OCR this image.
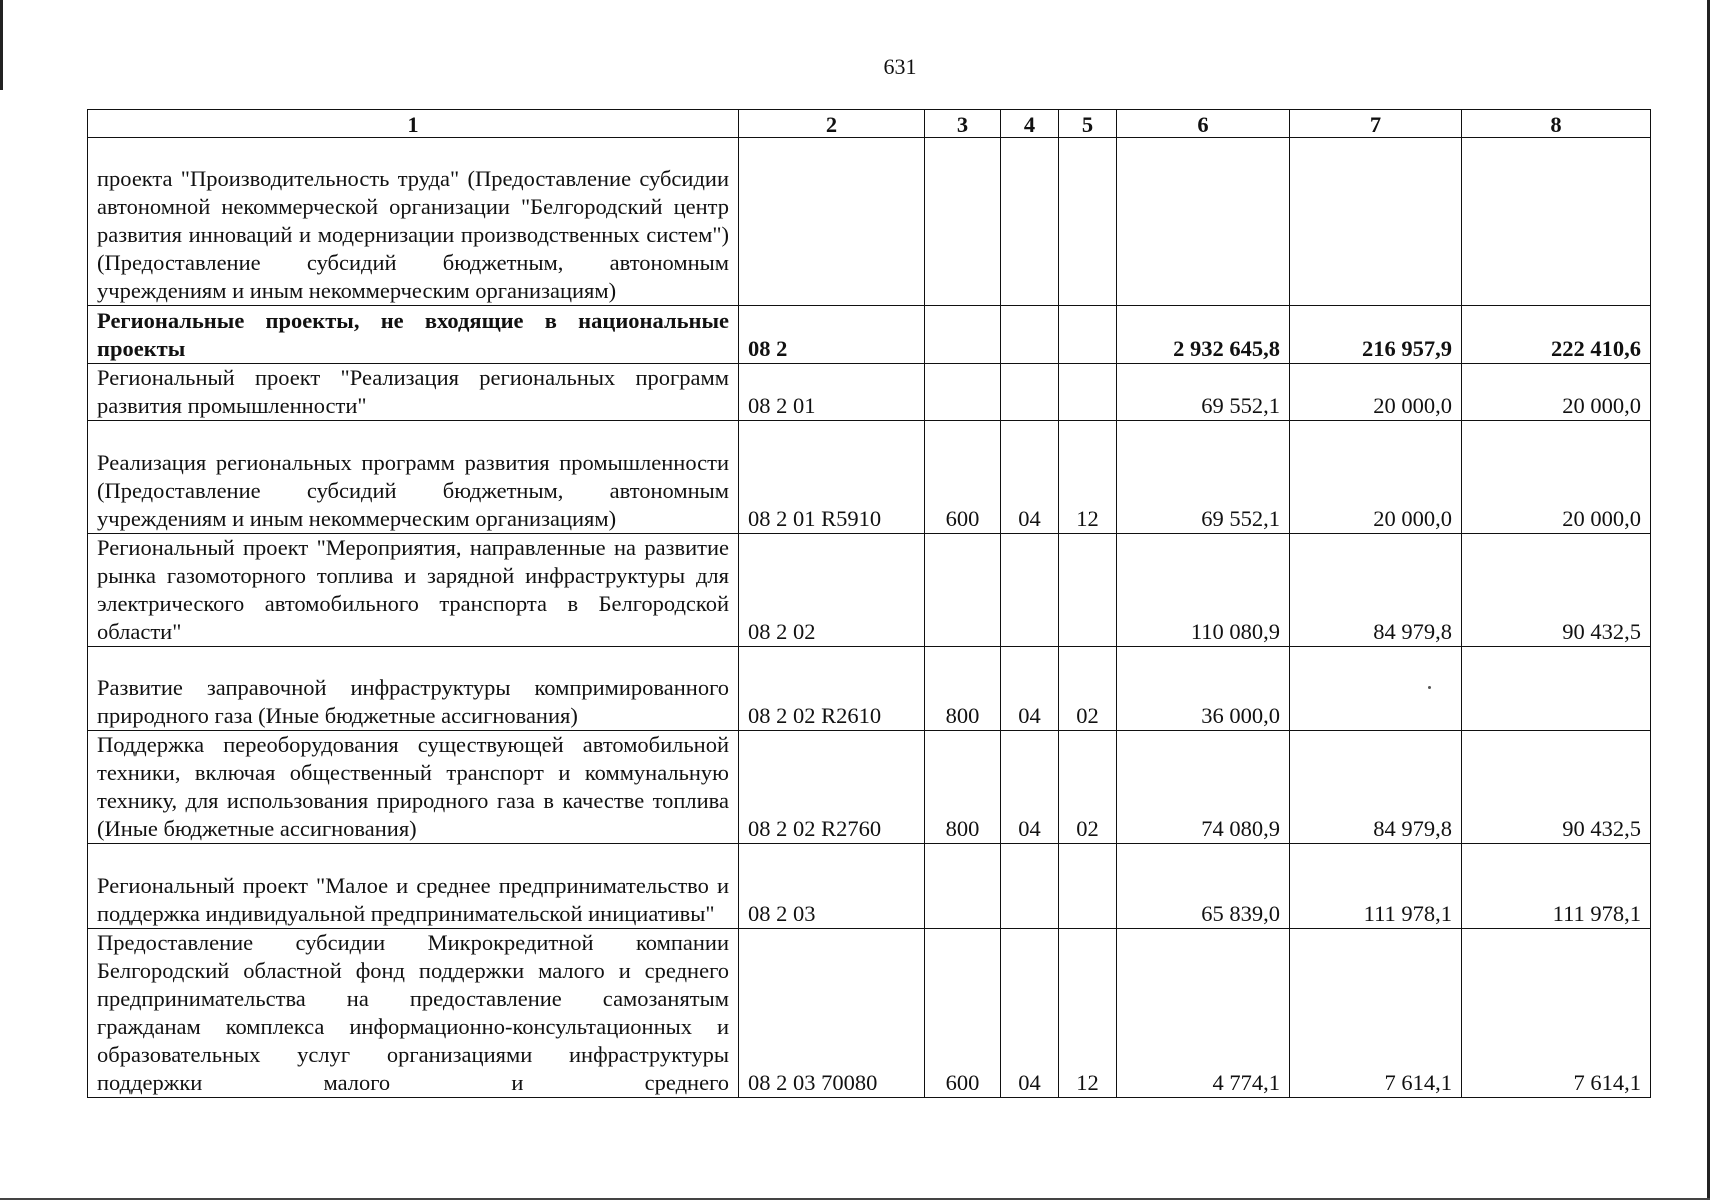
631
1	2	3	4	5	6	7	8
проекта "Производительность труда" (Предоставление субсидии автономной некоммерческой организации "Белгородский центр развития инноваций и модернизации производственных систем") (Предоставление субсидий бюджетным, автономным учреждениям и иным некоммерческим организациям)							
Региональные проекты, не входящие в национальные проекты	08 2				2 932 645,8	216 957,9	222 410,6
Региональный проект "Реализация региональных программ развития промышленности"	08 2 01				69 552,1	20 000,0	20 000,0
Реализация региональных программ развития промышленности (Предоставление субсидий бюджетным, автономным учреждениям и иным некоммерческим организациям)	08 2 01 R5910	600	04	12	69 552,1	20 000,0	20 000,0
Региональный проект "Мероприятия, направленные на развитие рынка газомоторного топлива и зарядной инфраструктуры для электрического автомобильного транспорта в Белгородской области"	08 2 02				110 080,9	84 979,8	90 432,5
Развитие заправочной инфраструктуры компримированного природного газа (Иные бюджетные ассигнования)	08 2 02 R2610	800	04	02	36 000,0		
Поддержка переоборудования существующей автомобильной техники, включая общественный транспорт и коммунальную технику, для использования природного газа в качестве топлива (Иные бюджетные ассигнования)	08 2 02 R2760	800	04	02	74 080,9	84 979,8	90 432,5
Региональный проект "Малое и среднее предпринимательство и поддержка индивидуальной предпринимательской инициативы"	08 2 03				65 839,0	111 978,1	111 978,1
Предоставление субсидии Микрокредитной компании Белгородский областной фонд поддержки малого и среднего предпринимательства на предоставление самозанятым гражданам комплекса информационно-консультационных и образовательных услуг организациями инфраструктуры поддержки малого и среднего	08 2 03 70080	600	04	12	4 774,1	7 614,1	7 614,1
